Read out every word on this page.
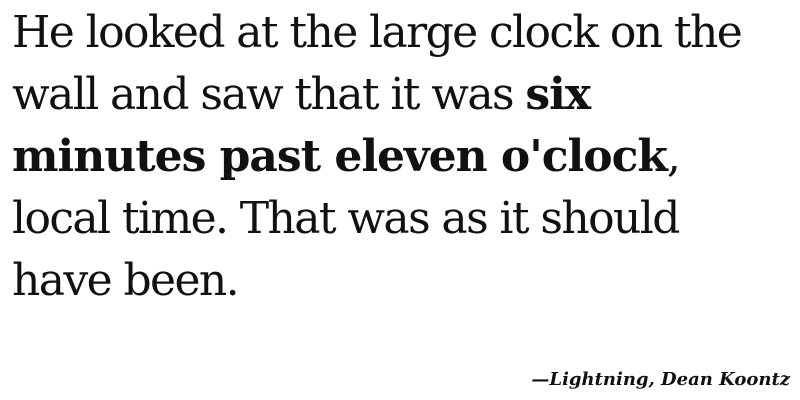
He looked at the large clock on the
wall and saw that it was six
minutes past eleven o'clock,
local time. That was as it should
have been.

—Lightning, Dean Koontz
